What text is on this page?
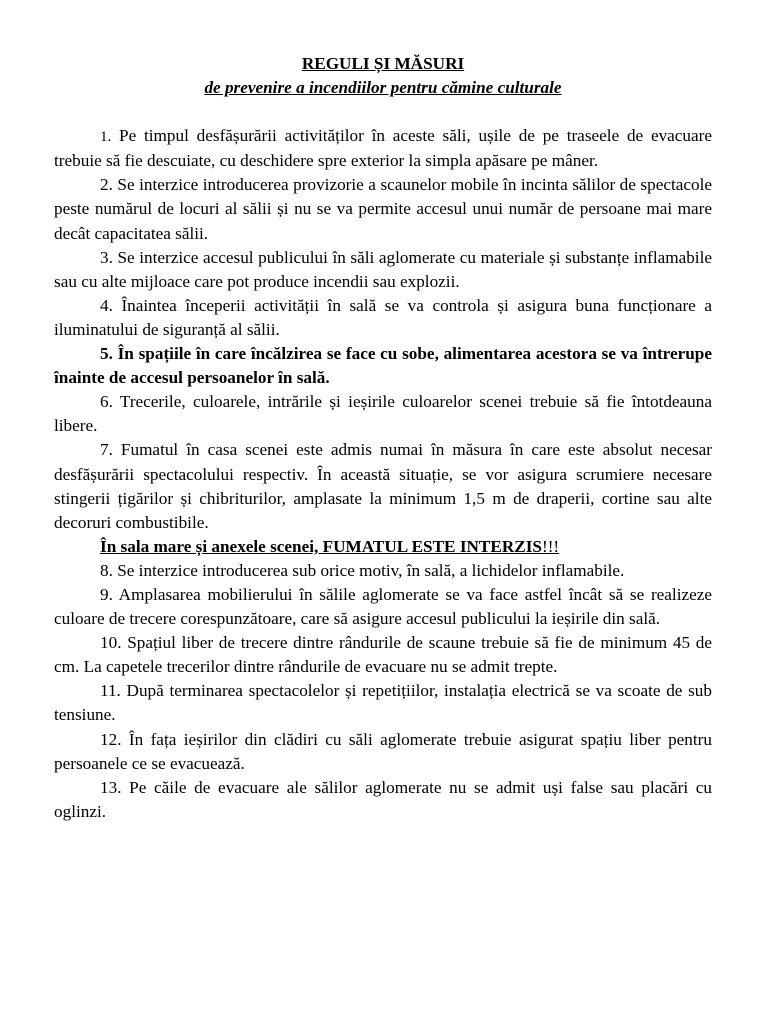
REGULI ȘI MĂSURI

de prevenire a incendiilor pentru cămine culturale

1. Pe timpul desfășurării activităților în aceste săli, ușile de pe traseele de evacuare trebuie să fie descuiate, cu deschidere spre exterior la simpla apăsare pe mâner.

2. Se interzice introducerea provizorie a scaunelor mobile în incinta sălilor de spectacole peste numărul de locuri al sălii și nu se va permite accesul unui număr de persoane mai mare decât capacitatea sălii.

3. Se interzice accesul publicului în săli aglomerate cu materiale și substanțe inflamabile sau cu alte mijloace care pot produce incendii sau explozii.

4. Înaintea începerii activității în sală se va controla și asigura buna funcționare a iluminatului de siguranță al sălii.

5. În spațiile în care încălzirea se face cu sobe, alimentarea acestora se va întrerupe înainte de accesul persoanelor în sală.

6. Trecerile, culoarele, intrările și ieșirile culoarelor scenei trebuie să fie întotdeauna libere.

7. Fumatul în casa scenei este admis numai în măsura în care este absolut necesar desfășurării spectacolului respectiv. În această situație, se vor asigura scrumiere necesare stingerii țigărilor și chibriturilor, amplasate la minimum 1,5 m de draperii, cortine sau alte decoruri combustibile.

În sala mare și anexele scenei, FUMATUL ESTE INTERZIS!!!

8. Se interzice introducerea sub orice motiv, în sală, a lichidelor inflamabile.

9. Amplasarea mobilierului în sălile aglomerate se va face astfel încât să se realizeze culoare de trecere corespunzătoare, care să asigure accesul publicului la ieșirile din sală.

10. Spațiul liber de trecere dintre rândurile de scaune trebuie să fie de minimum 45 de cm. La capetele trecerilor dintre rândurile de evacuare nu se admit trepte.

11. După terminarea spectacolelor și repetițiilor, instalația electrică se va scoate de sub tensiune.

12. În fața ieșirilor din clădiri cu săli aglomerate trebuie asigurat spațiu liber pentru persoanele ce se evacuează.

13. Pe căile de evacuare ale sălilor aglomerate nu se admit uși false sau placări cu oglinzi.
